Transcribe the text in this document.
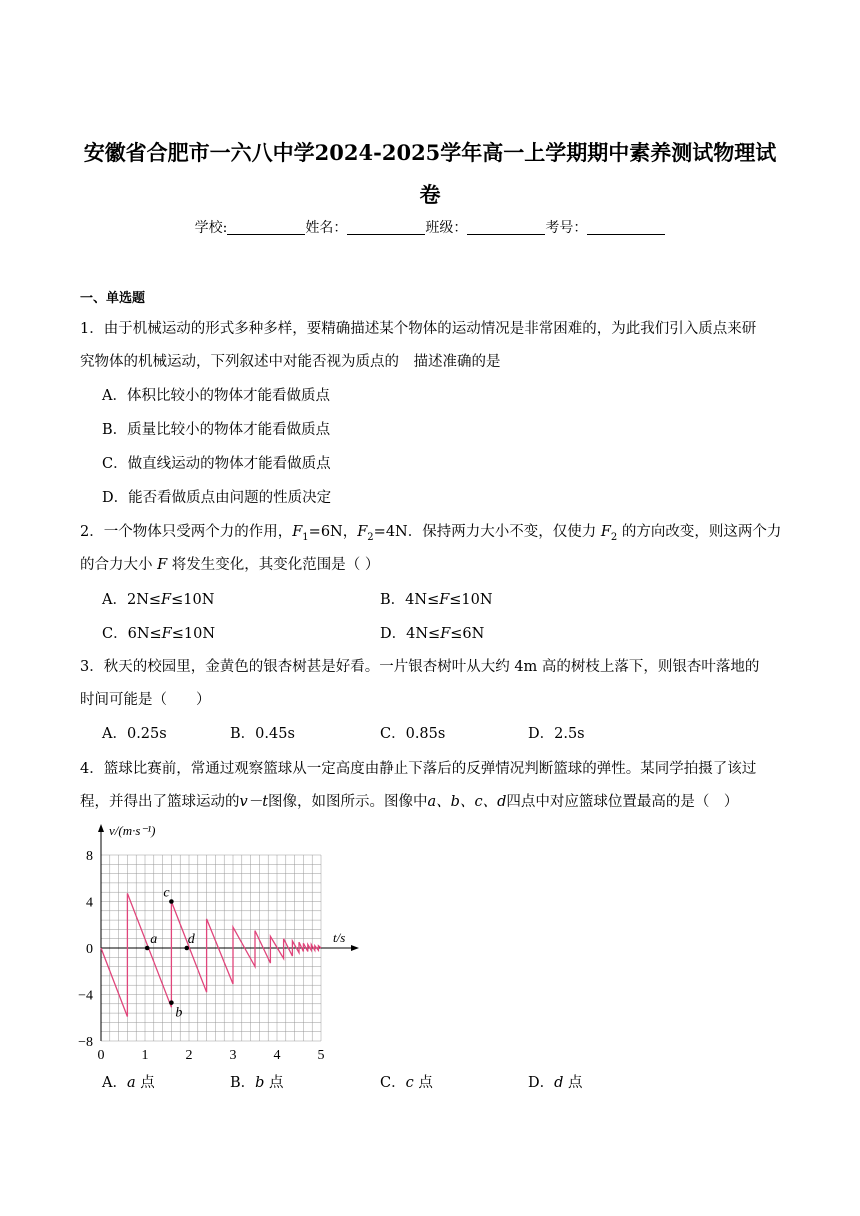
安徽省合肥市一六八中学2024-2025学年高一上学期期中素养测试物理试
卷
学校:	姓名：	班级：	考号：
一、单选题
1．由于机械运动的形式多种多样，要精确描述某个物体的运动情况是非常困难的，为此我们引入质点来研
究物体的机械运动，下列叙述中对能否视为质点的　描述准确的是
A．体积比较小的物体才能看做质点
B．质量比较小的物体才能看做质点
C．做直线运动的物体才能看做质点
D．能否看做质点由问题的性质决定
2．一个物体只受两个力的作用，$F_1=6N$，$F_2=4N$．保持两力大小不变，仅使力 $F_2$ 的方向改变，则这两个力
的合力大小 F 将发生变化，其变化范围是（ ）
A．2N≤F≤10N	B．4N≤F≤10N
C．6N≤F≤10N	D．4N≤F≤6N
3．秋天的校园里，金黄色的银杏树甚是好看。一片银杏树叶从大约 4m 高的树枝上落下，则银杏叶落地的
时间可能是（　　）
A．0.25s	B．0.45s	C．0.85s	D．2.5s
4．篮球比赛前，常通过观察篮球从一定高度由静止下落后的反弹情况判断篮球的弹性。某同学拍摄了该过
程，并得出了篮球运动的v－t图像，如图所示。图像中a、b、c、d四点中对应篮球位置最高的是（　）
8
4
0
−4
−8
0	1	2	3	4	5
v/(m·s⁻¹)
t/s
a
b
c
d
A．a 点	B．b 点	C．c 点	D．d 点
